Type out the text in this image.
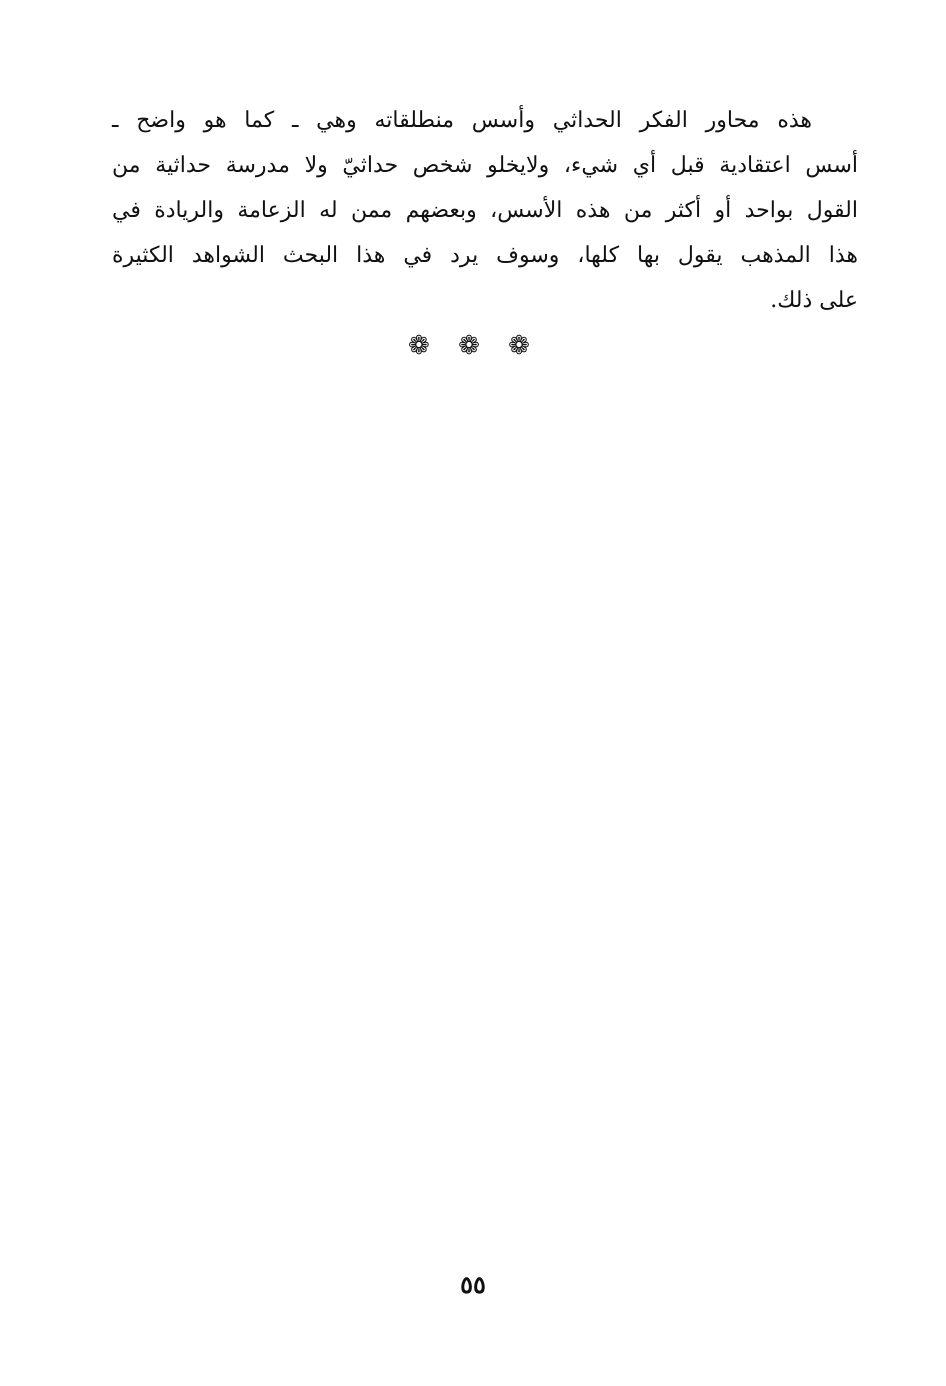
هذه محاور الفكر الحداثي وأسس منطلقاته وهي ـ كما هو واضح ـ
أسس اعتقادية قبل أي شيء، ولايخلو شخص حداثيّ ولا مدرسة حداثية من
القول بواحد أو أكثر من هذه الأسس، وبعضهم ممن له الزعامة والريادة في
هذا المذهب يقول بها كلها، وسوف يرد في هذا البحث الشواهد الكثيرة
على ذلك.
❁ ❁ ❁
٥٥
